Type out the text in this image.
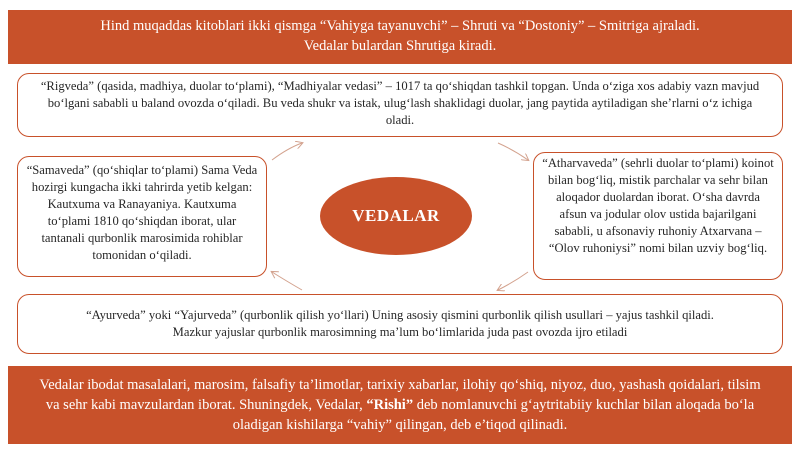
Hind muqaddas kitoblari ikki qismga “Vahiyga tayanuvchi” – Shruti va “Dostoniy” – Smitriga ajraladi.
Vedalar bulardan Shrutiga kiradi.
“Rigveda” (qasida, madhiya, duolar to‘plami), “Madhiyalar vedasi” – 1017 ta qo‘shiqdan tashkil topgan. Unda o‘ziga xos adabiy vazn mavjud bo‘lgani sababli u baland ovozda o‘qiladi. Bu veda shukr va istak, ulug‘lash shaklidagi duolar, jang paytida aytiladigan she’rlarni o‘z ichiga oladi.
“Samaveda” (qo‘shiqlar to‘plami) Sama Veda hozirgi kungacha ikki tahrirda yetib kelgan: Kautxuma va Ranayaniya. Kautxuma to‘plami 1810 qo‘shiqdan iborat, ular tantanali qurbonlik marosimida rohiblar tomonidan o‘qiladi.
“Atharvaveda” (sehrli duolar to‘plami) koinot bilan bog‘liq, mistik parchalar va sehr bilan aloqador duolardan iborat. O‘sha davrda afsun va jodular olov ustida bajarilgani sababli, u afsonaviy ruhoniy Atxarvana – “Olov ruhoniysi” nomi bilan uzviy bog‘liq.
“Ayurveda” yoki “Yajurveda” (qurbonlik qilish yo‘llari) Uning asosiy qismini qurbonlik qilish usullari – yajus tashkil qiladi.
Mazkur yajuslar qurbonlik marosimning ma’lum bo‘limlarida juda past ovozda ijro etiladi
VEDALAR
Vedalar ibodat masalalari, marosim, falsafiy ta’limotlar, tarixiy xabarlar, ilohiy qo‘shiq, niyoz, duo, yashash qoidalari, tilsim va sehr kabi mavzulardan iborat. Shuningdek, Vedalar, “Rishi” deb nomlanuvchi g‘aytritabiiy kuchlar bilan aloqada bo‘la oladigan kishilarga “vahiy” qilingan, deb e’tiqod qilinadi.
